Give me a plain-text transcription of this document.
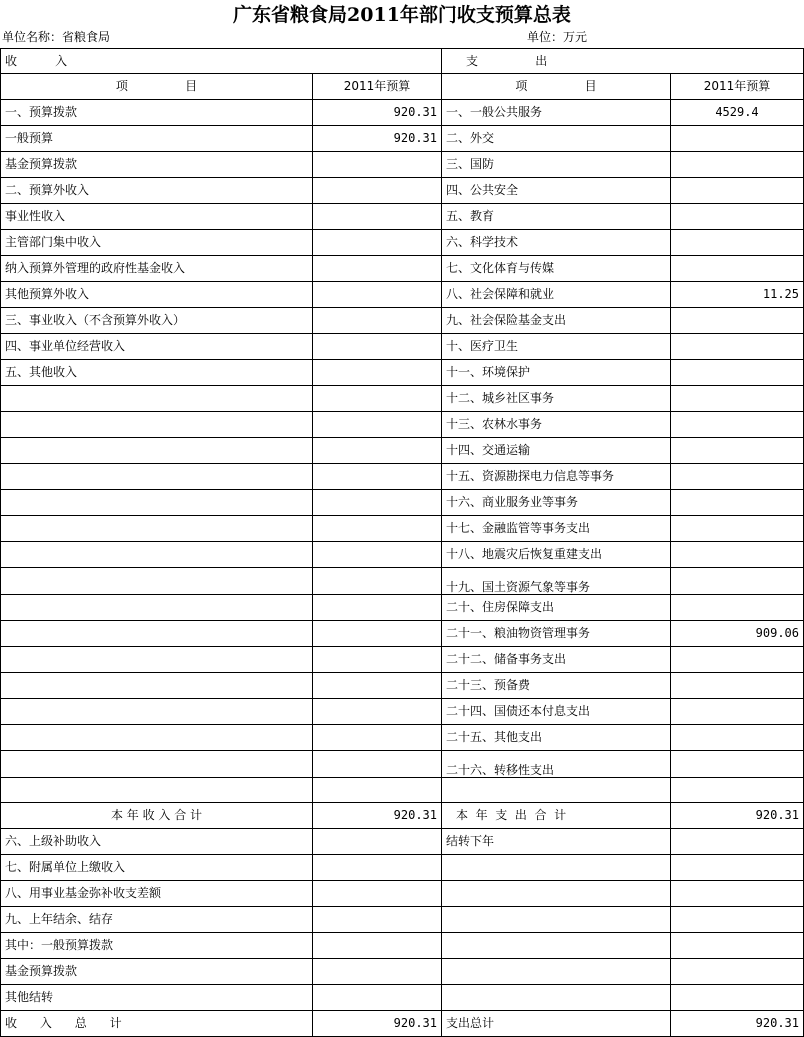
广东省粮食局2011年部门收支预算总表
单位名称：省粮食局	单位：万元
收          入		支               出	
项               目	2011年预算	项               目	2011年预算
一、预算拨款	920.31	一、一般公共服务	4529.4
一般预算	920.31	二、外交	
基金预算拨款		三、国防	
二、预算外收入		四、公共安全	
事业性收入		五、教育	
主管部门集中收入		六、科学技术	
纳入预算外管理的政府性基金收入		七、文化体育与传媒	
其他预算外收入		八、社会保障和就业	11.25
三、事业收入（不含预算外收入）		九、社会保险基金支出	
四、事业单位经营收入		十、医疗卫生	
五、其他收入		十一、环境保护	
		十二、城乡社区事务	
		十三、农林水事务	
		十四、交通运输	
		十五、资源勘探电力信息等事务	
		十六、商业服务业等事务	
		十七、金融监管等事务支出	
		十八、地震灾后恢复重建支出	
		十九、国土资源气象等事务	
		二十、住房保障支出	
		二十一、粮油物资管理事务	909.06
		二十二、储备事务支出	
		二十三、预备费	
		二十四、国债还本付息支出	
		二十五、其他支出	
		二十六、转移性支出	

本 年 收 入 合 计	920.31	本  年  支  出  合  计	920.31
六、上级补助收入		结转下年	
七、附属单位上缴收入			
八、用事业基金弥补收支差额			
九、上年结余、结存			
其中：一般预算拨款			
基金预算拨款			
其他结转			
收      入      总      计	920.31	支出总计	920.31
